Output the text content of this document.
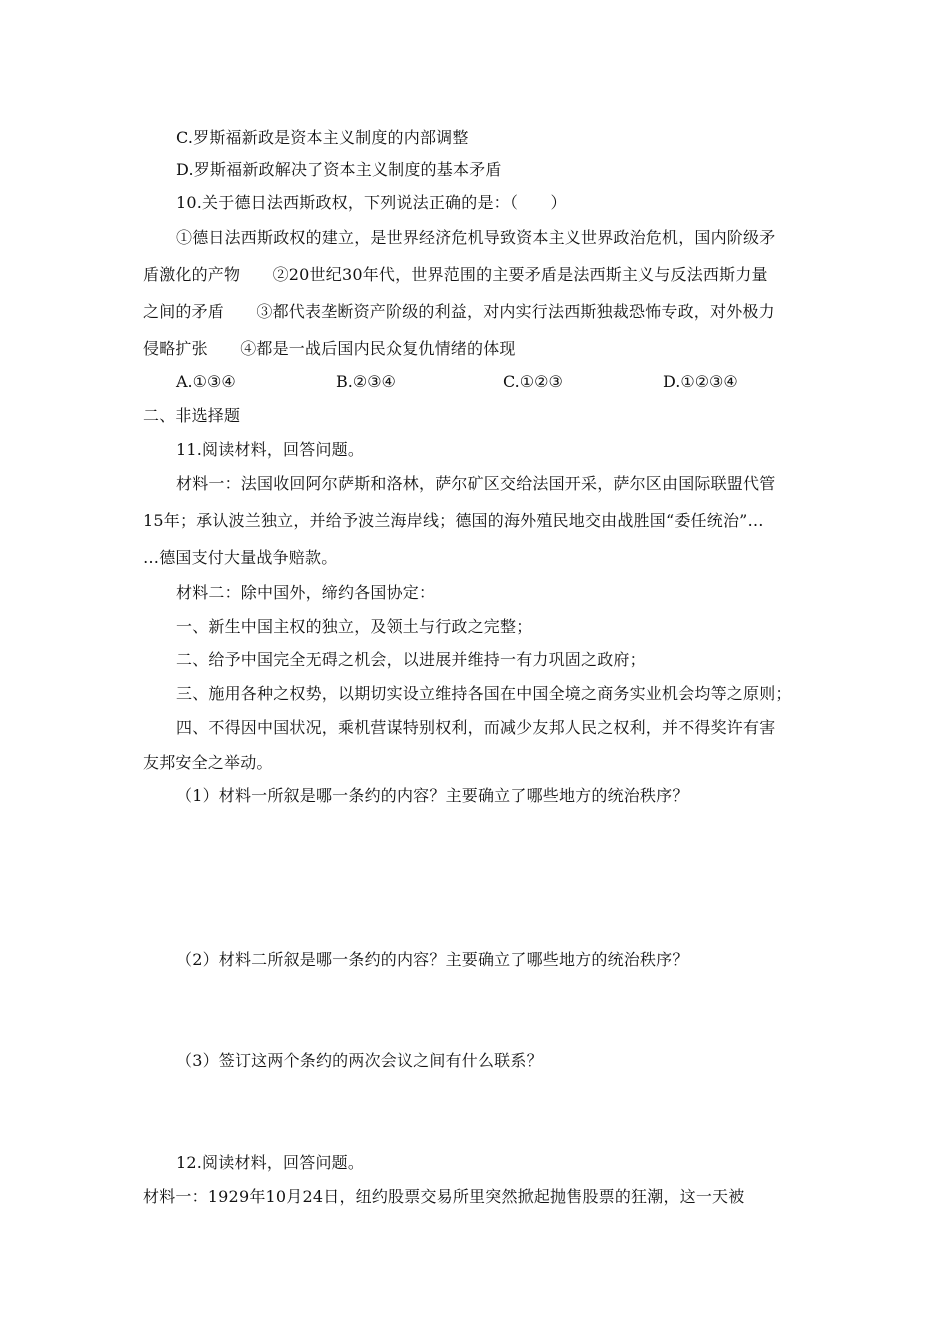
C.罗斯福新政是资本主义制度的内部调整
D.罗斯福新政解决了资本主义制度的基本矛盾
10.关于德日法西斯政权，下列说法正确的是：（　　）
①德日法西斯政权的建立，是世界经济危机导致资本主义世界政治危机，国内阶级矛
盾激化的产物　　②20世纪30年代，世界范围的主要矛盾是法西斯主义与反法西斯力量
之间的矛盾　　③都代表垄断资产阶级的利益，对内实行法西斯独裁恐怖专政，对外极力
侵略扩张　　④都是一战后国内民众复仇情绪的体现
A.①③④	B.②③④	C.①②③	D.①②③④
二、非选择题
11.阅读材料，回答问题。
材料一：法国收回阿尔萨斯和洛林，萨尔矿区交给法国开采，萨尔区由国际联盟代管
15年；承认波兰独立，并给予波兰海岸线；德国的海外殖民地交由战胜国“委任统治”…
…德国支付大量战争赔款。
材料二：除中国外，缔约各国协定：
一、新生中国主权的独立，及领土与行政之完整；
二、给予中国完全无碍之机会，以进展并维持一有力巩固之政府；
三、施用各种之权势，以期切实设立维持各国在中国全境之商务实业机会均等之原则；
四、不得因中国状况，乘机营谋特别权利，而减少友邦人民之权利，并不得奖许有害
友邦安全之举动。
（1）材料一所叙是哪一条约的内容？主要确立了哪些地方的统治秩序？
（2）材料二所叙是哪一条约的内容？主要确立了哪些地方的统治秩序？
（3）签订这两个条约的两次会议之间有什么联系？
12.阅读材料，回答问题。
材料一：1929年10月24日，纽约股票交易所里突然掀起抛售股票的狂潮，这一天被
